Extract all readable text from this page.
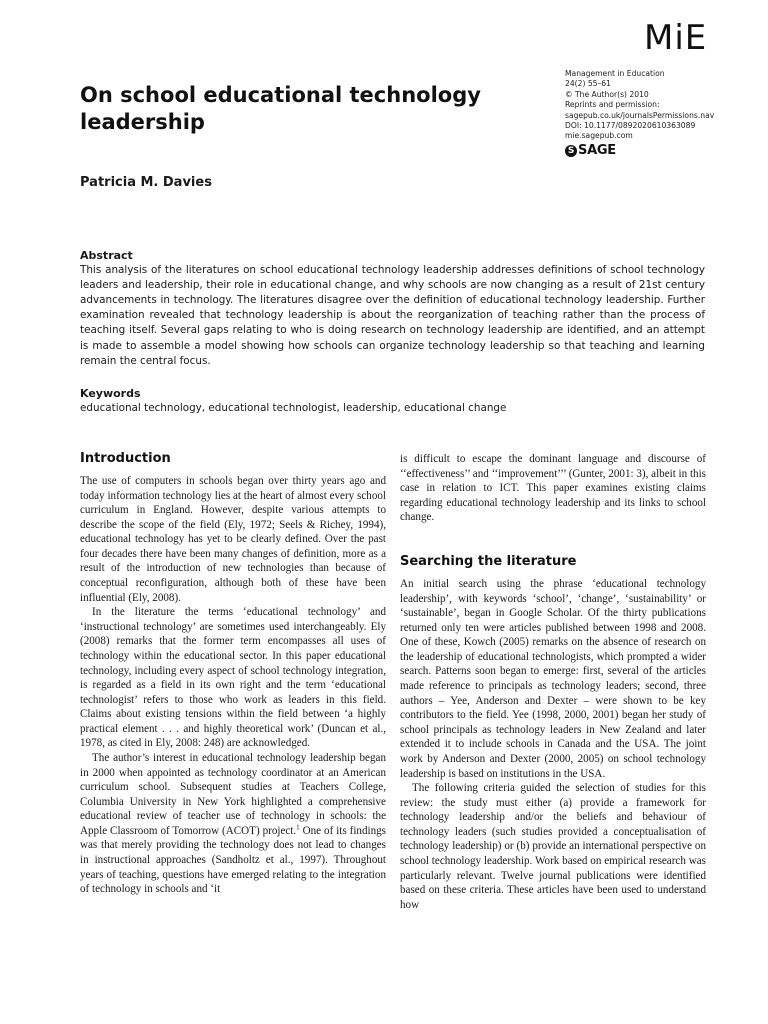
MiE
Management in Education
24(2) 55–61
© The Author(s) 2010
Reprints and permission:
sagepub.co.uk/journalsPermissions.nav
DOI: 10.1177/0892020610363089
mie.sagepub.com
S SAGE
On school educational technology leadership
Patricia M. Davies
Abstract

This analysis of the literatures on school educational technology leadership addresses definitions of school technology leaders and leadership, their role in educational change, and why schools are now changing as a result of 21st century advancements in technology. The literatures disagree over the definition of educational technology leadership. Further examination revealed that technology leadership is about the reorganization of teaching rather than the process of teaching itself. Several gaps relating to who is doing research on technology leadership are identified, and an attempt is made to assemble a model showing how schools can organize technology leadership so that teaching and learning remain the central focus.

Keywords
educational technology, educational technologist, leadership, educational change
Introduction

The use of computers in schools began over thirty years ago and today information technology lies at the heart of almost every school curriculum in England. However, despite various attempts to describe the scope of the field (Ely, 1972; Seels & Richey, 1994), educational technology has yet to be clearly defined. Over the past four decades there have been many changes of definition, more as a result of the introduction of new technologies than because of conceptual reconfiguration, although both of these have been influential (Ely, 2008).

In the literature the terms ‘educational technology’ and ‘instructional technology’ are sometimes used interchangeably. Ely (2008) remarks that the former term encompasses all uses of technology within the educational sector. In this paper educational technology, including every aspect of school technology integration, is regarded as a field in its own right and the term ‘educational technologist’ refers to those who work as leaders in this field. Claims about existing tensions within the field between ‘a highly practical element . . . and highly theoretical work’ (Duncan et al., 1978, as cited in Ely, 2008: 248) are acknowledged.

The author’s interest in educational technology leadership began in 2000 when appointed as technology coordinator at an American curriculum school. Subsequent studies at Teachers College, Columbia University in New York highlighted a comprehensive educational review of teacher use of technology in schools: the Apple Classroom of Tomorrow (ACOT) project.$^1$ One of its findings was that merely providing the technology does not lead to changes in instructional approaches (Sandholtz et al., 1997). Throughout years of teaching, questions have emerged relating to the integration of technology in schools and ‘it

is difficult to escape the dominant language and discourse of ‘‘effectiveness’’ and ‘‘improvement’’’ (Gunter, 2001: 3), albeit in this case in relation to ICT. This paper examines existing claims regarding educational technology leadership and its links to school change.

Searching the literature

An initial search using the phrase ‘educational technology leadership’, with keywords ‘school’, ‘change’, ‘sustainability’ or ‘sustainable’, began in Google Scholar. Of the thirty publications returned only ten were articles published between 1998 and 2008. One of these, Kowch (2005) remarks on the absence of research on the leadership of educational technologists, which prompted a wider search. Patterns soon began to emerge: first, several of the articles made reference to principals as technology leaders; second, three authors – Yee, Anderson and Dexter – were shown to be key contributors to the field. Yee (1998, 2000, 2001) began her study of school principals as technology leaders in New Zealand and later extended it to include schools in Canada and the USA. The joint work by Anderson and Dexter (2000, 2005) on school technology leadership is based on institutions in the USA.

The following criteria guided the selection of studies for this review: the study must either (a) provide a framework for technology leadership and/or the beliefs and behaviour of technology leaders (such studies provided a conceptualisation of technology leadership) or (b) provide an international perspective on school technology leadership. Work based on empirical research was particularly relevant. Twelve journal publications were identified based on these criteria. These articles have been used to understand how
